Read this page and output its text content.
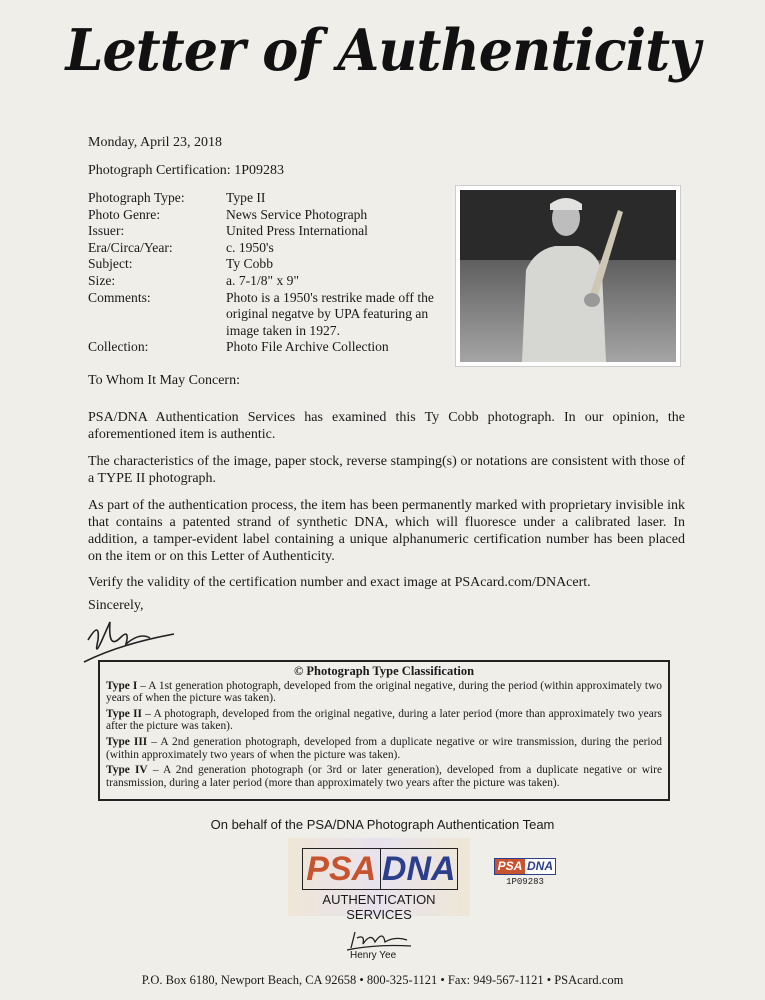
Letter of Authenticity
Monday, April 23, 2018
Photograph Certification: 1P09283
Photograph Type:	Type II
Photo Genre:	News Service Photograph
Issuer:	United Press International
Era/Circa/Year:	c. 1950's
Subject:	Ty Cobb
Size:	a. 7-1/8" x 9"
Comments:	Photo is a 1950's restrike made off the original negatve by UPA featuring an image taken in 1927.
Collection:	Photo File Archive Collection
To Whom It May Concern:
PSA/DNA Authentication Services has examined this Ty Cobb photograph. In our opinion, the aforementioned item is authentic.
The characteristics of the image, paper stock, reverse stamping(s) or notations are consistent with those of a TYPE II photograph.
As part of the authentication process, the item has been permanently marked with proprietary invisible ink that contains a patented strand of synthetic DNA, which will fluoresce under a calibrated laser. In addition, a tamper-evident label containing a unique alphanumeric certification number has been placed on the item or on this Letter of Authenticity.
Verify the validity of the certification number and exact image at PSAcard.com/DNAcert.
Sincerely,
© Photograph Type Classification

Type I – A 1st generation photograph, developed from the original negative, during the period (within approximately two years of when the picture was taken).

Type II – A photograph, developed from the original negative, during a later period (more than approximately two years after the picture was taken).

Type III – A 2nd generation photograph, developed from a duplicate negative or wire transmission, during the period (within approximately two years of when the picture was taken).

Type IV – A 2nd generation photograph (or 3rd or later generation), developed from a duplicate negative or wire transmission, during a later period (more than approximately two years after the picture was taken).

On behalf of the PSA/DNA Photograph Authentication Team
PSA DNA
AUTHENTICATION SERVICES
PSA DNA
1P09283
Henry Yee
P.O. Box 6180, Newport Beach, CA 92658 • 800-325-1121 • Fax: 949-567-1121 • PSAcard.com
